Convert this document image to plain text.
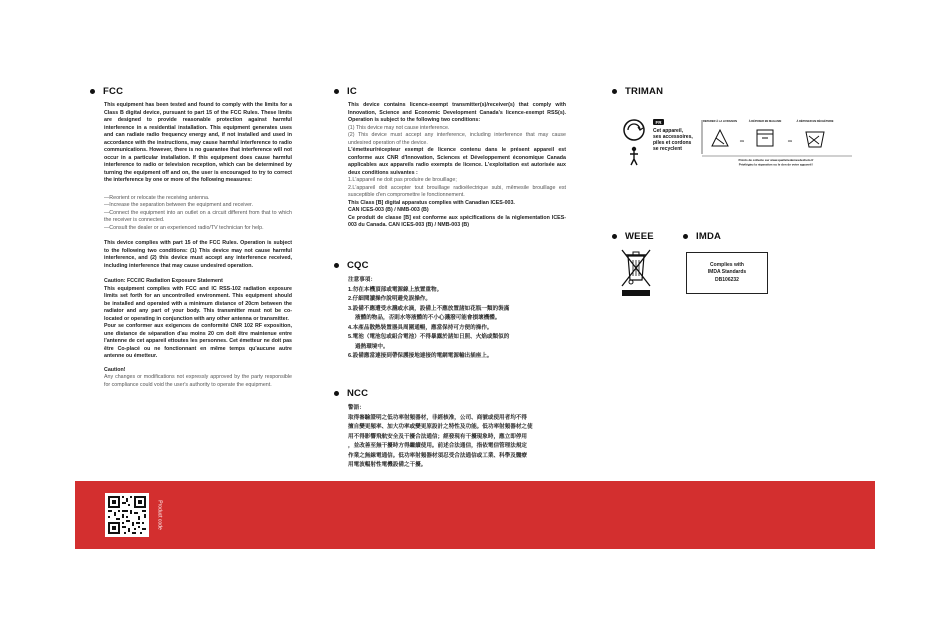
FCC

This equipment has been tested and found to comply with the limits for a Class B digital device, pursuant to part 15 of the FCC Rules. These limits are designed to provide reasonable protection against harmful interference in a residential installation. This equipment generates uses and can radiate radio frequency energy and, if not installed and used in accordance with the instructions, may cause harmful interference to radio communications. However, there is no guarantee that interference will not occur in a particular installation. If this equipment does cause harmful interference to radio or television reception, which can be determined by turning the equipment off and on, the user is encouraged to try to correct the interference by one or more of the following measures:

—Reorient or relocate the receiving antenna.

—Increase the separation between the equipment and receiver.

—Connect the equipment into an outlet on a circuit different from that to which the receiver is connected.

—Consult the dealer or an experienced radio/TV technician for help.

This device complies with part 15 of the FCC Rules. Operation is subject to the following two conditions: (1) This device may not cause harmful interference, and (2) this device must accept any interference received, including interference that may cause undesired operation.

Caution: FCC/IC Radiation Exposure Statement

This equipment complies with FCC and IC RSS-102 radiation exposure limits set forth for an uncontrolled environment. This equipment should be installed and operated with a minimum distance of 20cm between the radiator and any part of your body. This transmitter must not be co-located or operating in conjunction with any other antenna or transmitter.

Pour se conformer aux exigences de conformité CNR 102 RF exposition, une distance de séparation d'au moins 20 cm doit être maintenue entre l'antenne de cet appareil ettoutes les personnes. Cet émetteur ne doit pas être Co-placé ou ne fonctionnant en même temps qu'aucune autre antenne ou émetteur.

Caution!

Any changes or modifications not expressly approved by the party responsible for compliance could void the user's authority to operate the equipment.

IC

This device contains licence-exempt transmitter(s)/receiver(s) that comply with Innovation, Science and Economic Development Canada's licence-exempt RSS(s). Operation is subject to the following two conditions:

(1) This device may not cause interference.

(2) This device must accept any interference, including interference that may cause undesired operation of the device.

L'émetteur/récepteur exempt de licence contenu dans le présent appareil est conforme aux CNR d'Innovation, Sciences et Développement économique Canada applicables aux appareils radio exempts de licence. L'exploitation est autorisée aux deux conditions suivantes :

1.L'appareil ne doit pas produire de brouillage;

2.L'appareil doit accepter tout brouillage radioélectrique subi, mêmesile brouillage est susceptible d'en compromettre le fonctionnement.

This Class [B] digital apparatus complies with Canadian ICES-003.

CAN ICES-003 (B) / NMB-003 (B)

Ce produit de classe [B] est conforme aux spécifications de la réglementation ICES-003 du Canada. CAN ICES-003 (B) / NMB-003 (B)

CQC

注意事項：

1.勿在本機頂部或電源線上放置重物。

2.仔細閱讀操作說明避免誤操作。

3.設備不應遭受水濺或水滴，設備上不應放置諸如花瓶一類的裝滿

液體的物品，否則水等液體的不小心濺潑可能會損壞機體。

4.本產品散熱裝置器具周圍通暢，應當保持可方便的操作。

5.電池（電池包或組合電池）不得暴露於諸如日照、火焰或類似的

過熱環境中。

6.設備應當連接到帶保護接地連接的電網電源輸出插座上。

NCC

警語：

取得審驗證明之低功率射頻器材，非經核准，公司、商號或使用者均不得

擅自變更頻率、加大功率或變更原設計之特性及功能。低功率射頻器材之使

用不得影響飛航安全及干擾合法通信；經發現有干擾現象時，應立即停用

，並改善至無干擾時方得繼續使用。前述合法通信，指依電信管理法規定

作業之無線電通信。低功率射頻器材須忍受合法通信或工業、科學及醫療

用電波輻射性電機設備之干擾。

TRIMAN
FR
Cet appareil,
ses accessoires,
piles et cordons
se recyclent
REPARER À LA LIVRAISON	À DÉPOSER EN MAGASIN	À DÉPOSER EN DÉCHÈTERIE
ou	ou
Points de collecte sur www.quefairedemesdechets.fr
Privilégiez la réparation ou le don de votre appareil !
WEEE	IMDA
Complies with
IMDA Standards
DB106232
Product code
